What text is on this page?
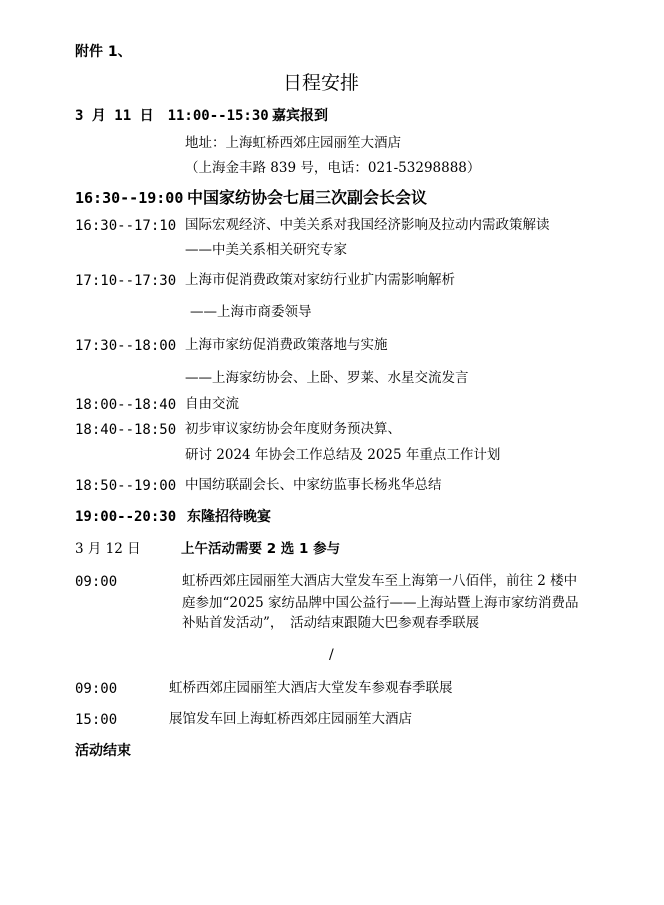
附件 1、
日程安排
3 月 11 日　11:00--15:30 嘉宾报到
地址：上海虹桥西郊庄园丽笙大酒店
（上海金丰路 839 号，电话：021-53298888）
16:30--19:00 中国家纺协会七届三次副会长会议
16:30--17:10 国际宏观经济、中美关系对我国经济影响及拉动内需政策解读
——中美关系相关研究专家
17:10--17:30 上海市促消费政策对家纺行业扩内需影响解析
——上海市商委领导
17:30--18:00 上海市家纺促消费政策落地与实施
——上海家纺协会、上卧、罗莱、水星交流发言
18:00--18:40 自由交流
18:40--18:50 初步审议家纺协会年度财务预决算、
研讨 2024 年协会工作总结及 2025 年重点工作计划
18:50--19:00 中国纺联副会长、中家纺监事长杨兆华总结
19:00--20:30 东隆招待晚宴
3 月 12 日	上午活动需要 2 选 1 参与
09:00	虹桥西郊庄园丽笙大酒店大堂发车至上海第一八佰伴，前往 2 楼中
庭参加“2025 家纺品牌中国公益行——上海站暨上海市家纺消费品
补贴首发活动”，　活动结束跟随大巴参观春季联展
/
09:00	虹桥西郊庄园丽笙大酒店大堂发车参观春季联展
15:00	展馆发车回上海虹桥西郊庄园丽笙大酒店
活动结束
